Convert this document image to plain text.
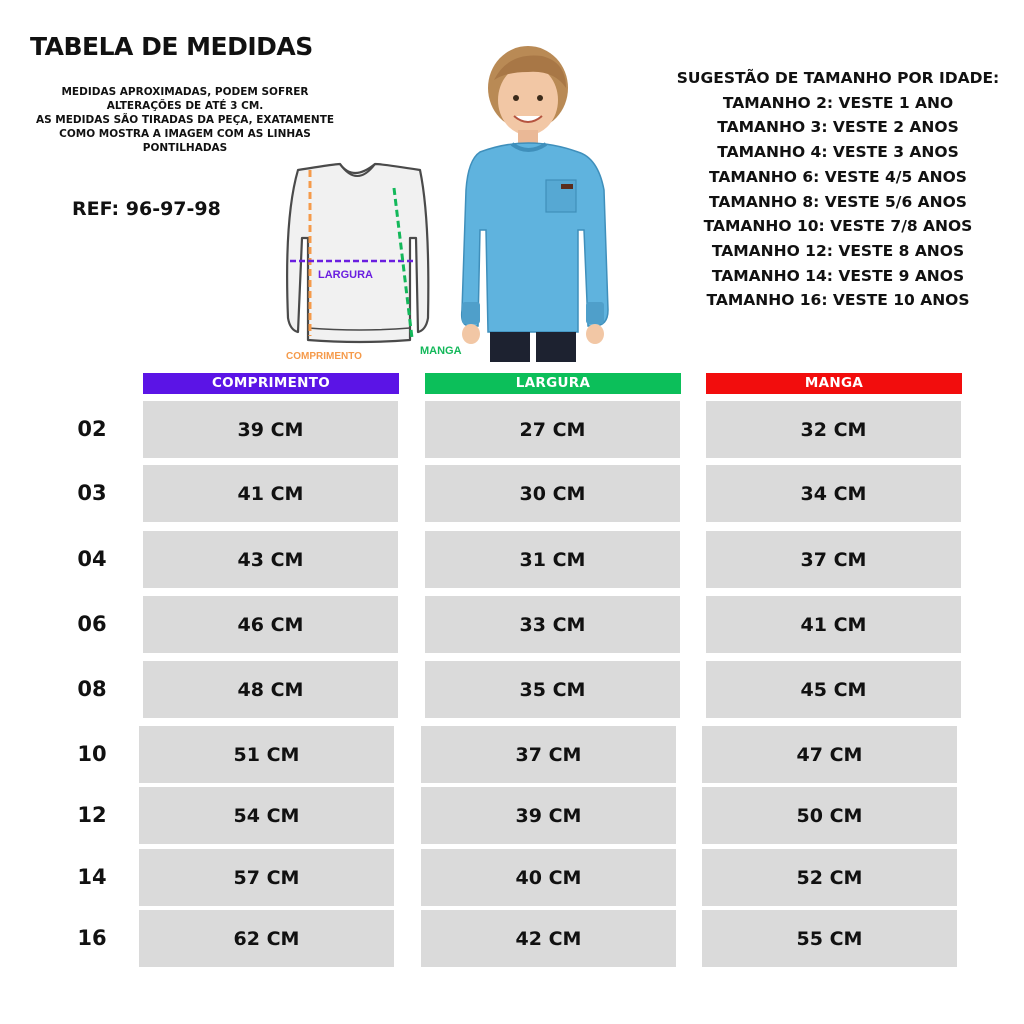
TABELA DE MEDIDAS
MEDIDAS APROXIMADAS, PODEM SOFRER
ALTERAÇÕES DE ATÉ 3 CM.
AS MEDIDAS SÃO TIRADAS DA PEÇA, EXATAMENTE
COMO MOSTRA A IMAGEM COM AS LINHAS
PONTILHADAS
REF: 96-97-98
LARGURA
COMPRIMENTO	MANGA
SUGESTÃO DE TAMANHO POR IDADE:
TAMANHO 2: VESTE 1 ANO
TAMANHO 3: VESTE 2 ANOS
TAMANHO 4: VESTE 3 ANOS
TAMANHO 6: VESTE 4/5 ANOS
TAMANHO 8: VESTE 5/6 ANOS
TAMANHO 10: VESTE 7/8 ANOS
TAMANHO 12: VESTE 8 ANOS
TAMANHO 14: VESTE 9 ANOS
TAMANHO 16: VESTE 10 ANOS
COMPRIMENTO	LARGURA	MANGA
02	39 CM	27 CM	32 CM
03	41 CM	30 CM	34 CM
04	43 CM	31 CM	37 CM
06	46 CM	33 CM	41 CM
08	48 CM	35 CM	45 CM
10	51 CM	37 CM	47 CM
12	54 CM	39 CM	50 CM
14	57 CM	40 CM	52 CM
16	62 CM	42 CM	55 CM
